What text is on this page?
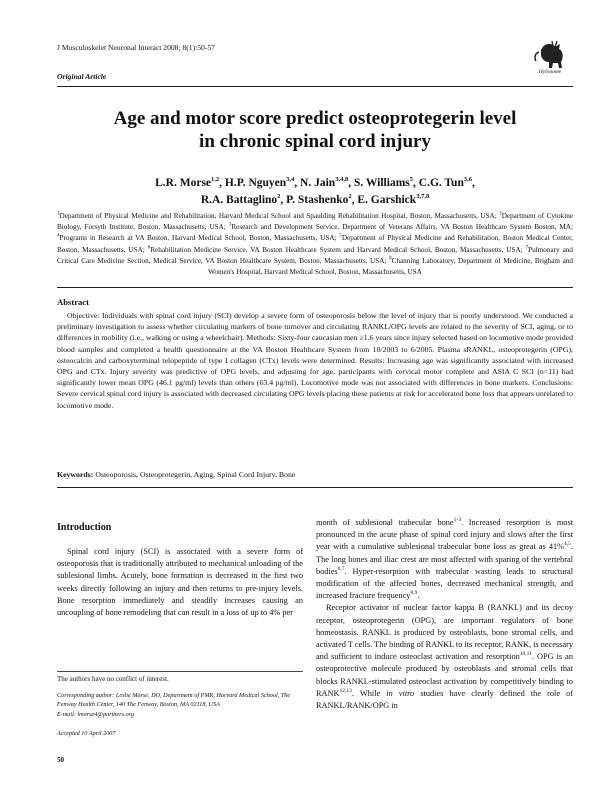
J Musculoskelet Neuronal Interact 2008; 8(1):50-57
Original Article	Hylonome
Age and motor score predict osteoprotegerin level
in chronic spinal cord injury
L.R. Morse$^{1,2}$, H.P. Nguyen$^{3,4}$, N. Jain$^{3,4,8}$, S. Williams$^5$, C.G. Tun$^{3,6}$,
R.A. Battaglino$^2$, P. Stashenko$^2$, E. Garshick$^{3,7,8}$
$^1$Department of Physical Medicine and Rehabilitation, Harvard Medical School and Spaulding Rehabilitation Hospital, Boston, Massachusetts, USA; $^2$Department of Cytokine Biology, Forsyth Institute, Boston, Massachusetts, USA; $^3$Research and Development Service, Department of Veterans Affairs, VA Boston Healthcare System Boston, MA; $^4$Programs in Research at VA Boston, Harvard Medical School, Boston, Massachusetts, USA; $^5$Department of Physical Medicine and Rehabilitation, Boston Medical Center, Boston, Massachusetts, USA; $^6$Rehabilitation Medicine Service, VA Boston Healthcare System and Harvard Medical School, Boston, Massachusetts, USA; $^7$Pulmonary and Critical Care Medicine Section, Medical Service, VA Boston Healthcare System, Boston, Massachusetts, USA; $^8$Channing Laboratory, Department of Medicine, Brigham and Women's Hospital, Harvard Medical School, Boston, Massachusetts, USA
Abstract
Objective: Individuals with spinal cord injury (SCI) develop a severe form of osteoporosis below the level of injury that is poorly understood. We conducted a preliminary investigation to assess whether circulating markers of bone turnover and circulating RANKL/OPG levels are related to the severity of SCI, aging, or to differences in mobility (i.e., walking or using a wheelchair). Methods: Sixty-four caucasian men ≥1.6 years since injury selected based on locomotive mode provided blood samples and completed a health questionnaire at the VA Boston Healthcare System from 10/2003 to 6/2005. Plasma sRANKL, osteoprotegerin (OPG), osteocalcin and carboxyterminal telopeptide of type I collagen (CTx) levels were determined. Results: Increasing age was significantly associated with increased OPG and CTx. Injury severity was predictive of OPG levels, and adjusting for age, participants with cervical motor complete and ASIA C SCI (n=11) had significantly lower mean OPG (46.1 pg/ml) levels than others (63.4 pg/ml). Locomotive mode was not associated with differences in bone markers. Conclusions: Severe cervical spinal cord injury is associated with decreased circulating OPG levels placing these patients at risk for accelerated bone loss that appears unrelated to locomotive mode.
Keywords: Osteoporosis, Osteoprotegerin, Aging, Spinal Cord Injury, Bone
Introduction
Spinal cord injury (SCI) is associated with a severe form of osteoporosis that is traditionally attributed to mechanical unloading of the sublesional limbs. Acutely, bone formation is decreased in the first two weeks directly following an injury and then returns to pre-injury levels. Bone resorption immediately and steadily increases causing an uncoupling of bone remodeling that can result in a loss of up to 4% per

month of sublesional trabecular bone$^{1-3}$. Increased resorption is most pronounced in the acute phase of spinal cord injury and slows after the first year with a cumulative sublesional trabecular bone loss as great as 41%$^{4,5}$. The long bones and iliac crest are most affected with sparing of the vertebral bodies$^{6,7}$. Hyper-resorption with trabecular wasting leads to structural modification of the affected bones, decreased mechanical strength, and increased fracture frequency$^{8,9}$.

Receptor activator of nuclear factor kappa B (RANKL) and its decoy receptor, osteoprotegerin (OPG), are important regulators of bone homeostasis. RANKL is produced by osteoblasts, bone stromal cells, and activated T cells. The binding of RANKL to its receptor, RANK, is necessary and sufficient to induce osteoclast activation and resorption$^{10,11}$. OPG is an osteoprotective molecule produced by osteoblasts and stromal cells that blocks RANKL-stimulated osteoclast activation by competitively binding to RANK$^{12,13}$. While in vitro studies have clearly defined the role of RANKL/RANK/OPG in

The authors have no conflict of interest.
Corresponding author: Leslie Morse, DO, Department of PMR, Harvard Medical School, The Fenway Health Center, 140 The Fenway, Boston, MA 02118, USA
E-mail: lmorse4@partners.org
Accepted 10 April 2007
50
